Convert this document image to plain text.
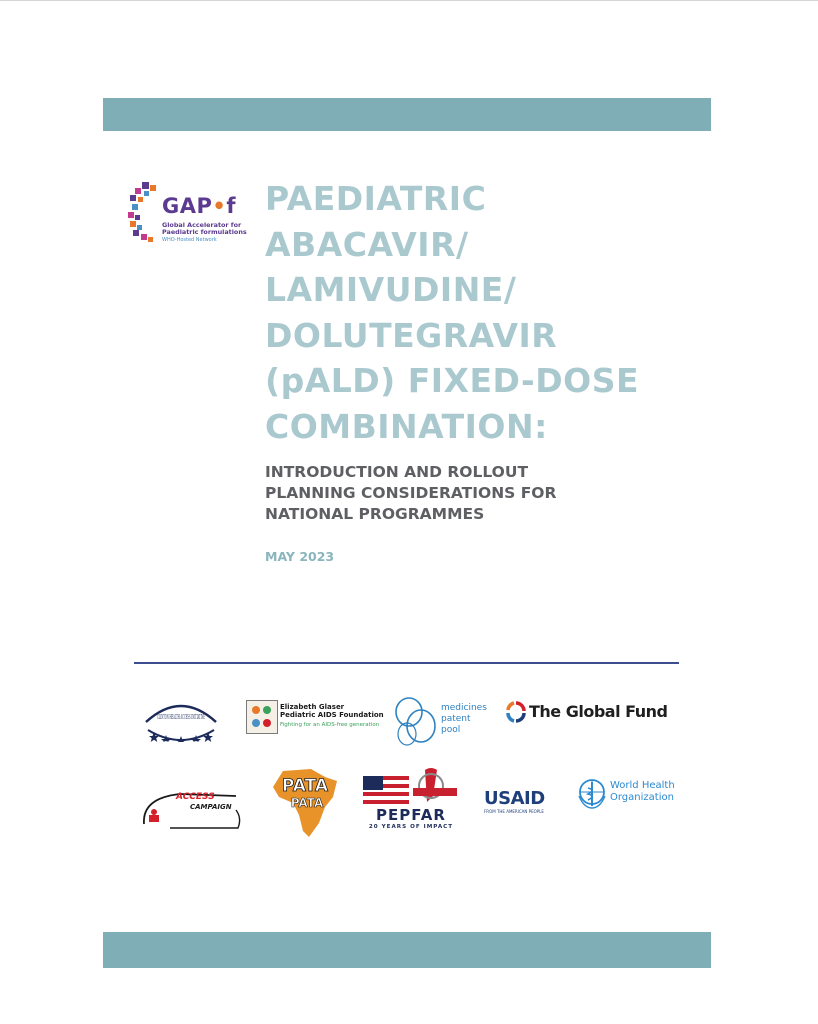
GAP•f
Global Accelerator for
Paediatric formulations
WHO-Hosted Network
PAEDIATRIC
ABACAVIR/
LAMIVUDINE/
DOLUTEGRAVIR
(pALD) FIXED-DOSE
COMBINATION:
INTRODUCTION AND ROLLOUT
PLANNING CONSIDERATIONS FOR
NATIONAL PROGRAMMES
MAY 2023
CLINTON HEALTH ACCESS INITIATIVE
Elizabeth Glaser
Pediatric AIDS Foundation
Fighting for an AIDS-free generation
medicines
patent
pool
The Global Fund
ACCESS
CAMPAIGN
PATA
PATA
PEPFAR
20 YEARS OF IMPACT
USAID
FROM THE AMERICAN PEOPLE
World Health
Organization
